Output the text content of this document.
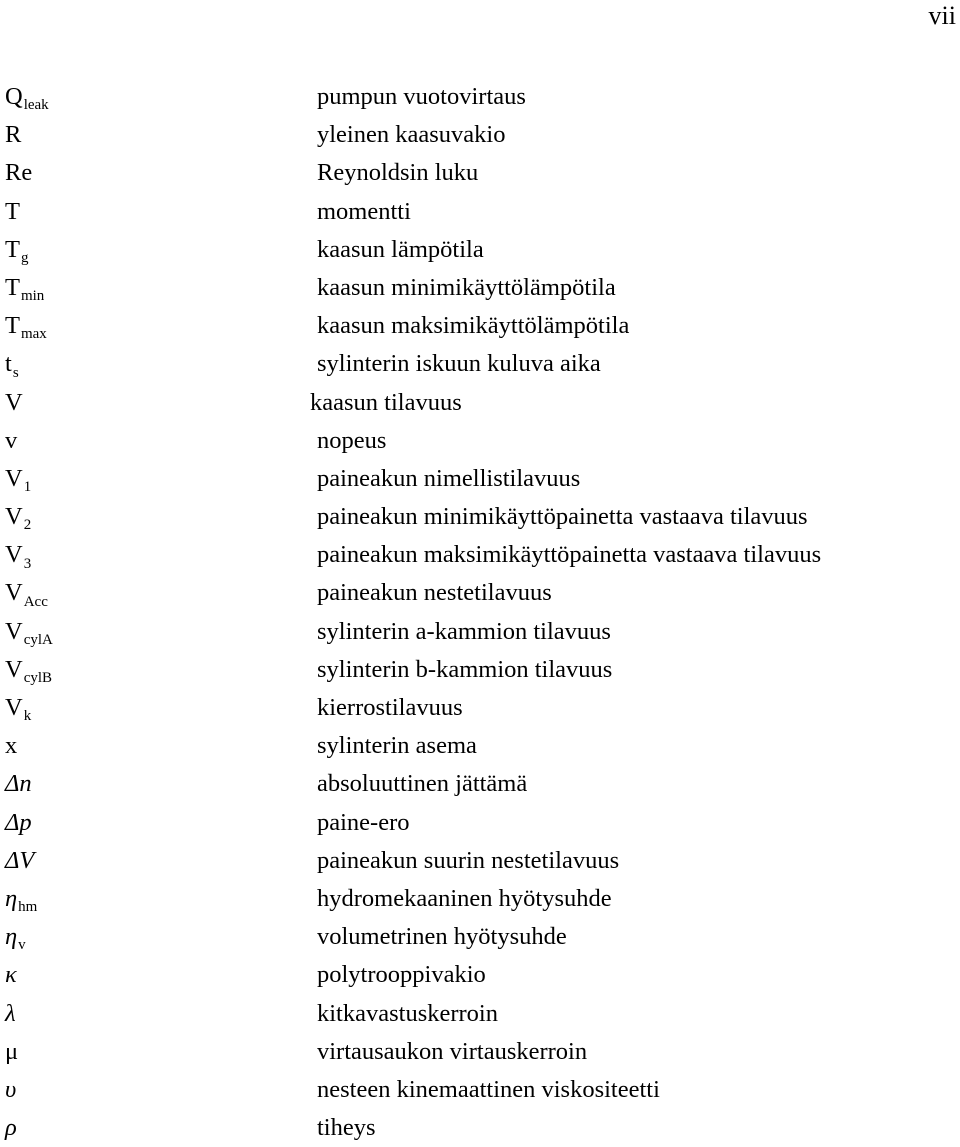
vii
$Q_{leak}$	pumpun vuotovirtaus
R	yleinen kaasuvakio
Re	Reynoldsin luku
T	momentti
$T_g$	kaasun lämpötila
$T_{min}$	kaasun minimikäyttölämpötila
$T_{max}$	kaasun maksimikäyttölämpötila
$t_s$	sylinterin iskuun kuluva aika
V	kaasun tilavuus
v	nopeus
$V_1$	paineakun nimellistilavuus
$V_2$	paineakun minimikäyttöpainetta vastaava tilavuus
$V_3$	paineakun maksimikäyttöpainetta vastaava tilavuus
$V_{Acc}$	paineakun nestetilavuus
$V_{cylA}$	sylinterin a-kammion tilavuus
$V_{cylB}$	sylinterin b-kammion tilavuus
$V_k$	kierrostilavuus
x	sylinterin asema
Δn	absoluuttinen jättämä
Δp	paine-ero
ΔV	paineakun suurin nestetilavuus
$\eta_{hm}$	hydromekaaninen hyötysuhde
$\eta_v$	volumetrinen hyötysuhde
κ	polytrooppivakio
λ	kitkavastuskerroin
μ	virtausaukon virtauskerroin
υ	nesteen kinemaattinen viskositeetti
ρ	tiheys
